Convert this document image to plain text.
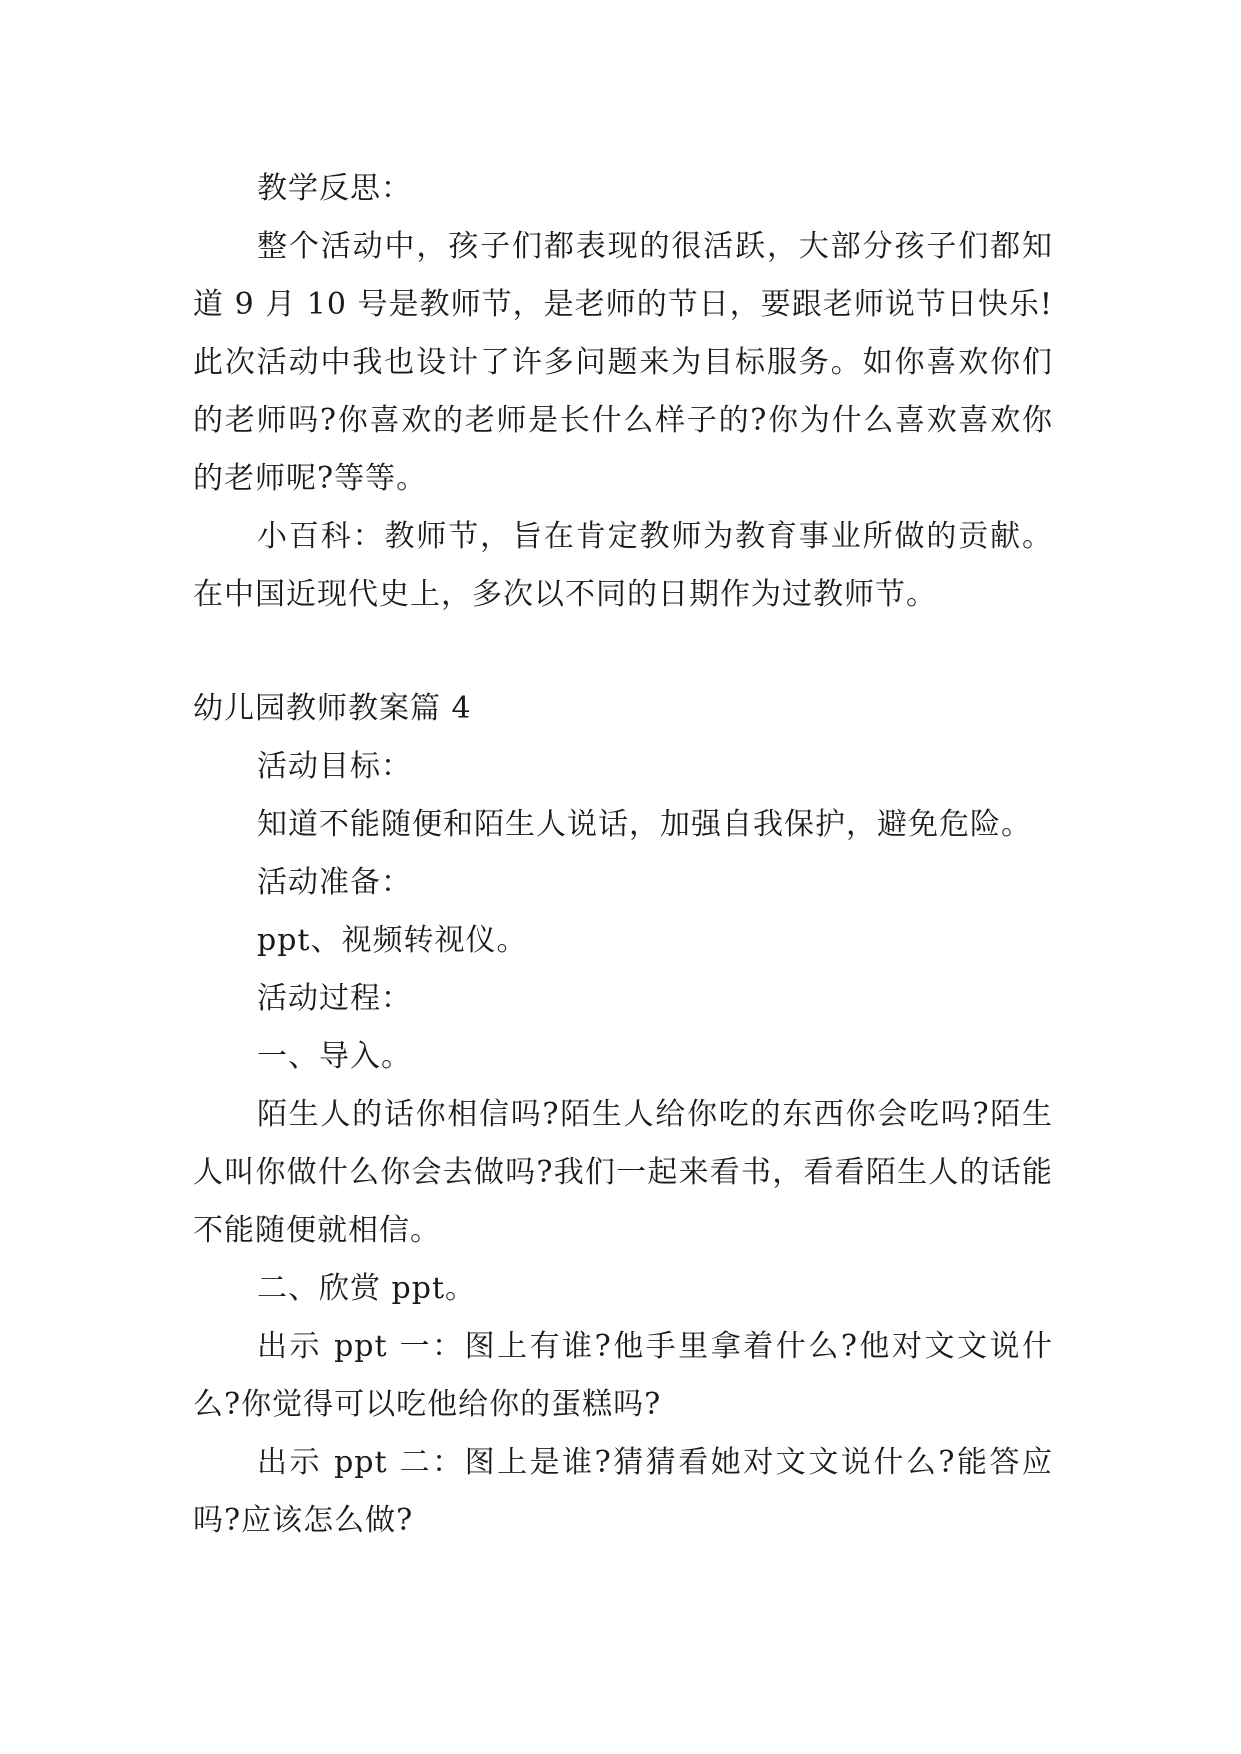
教学反思：

整个活动中，孩子们都表现的很活跃，大部分孩子们都知道 9 月 10 号是教师节，是老师的节日，要跟老师说节日快乐!此次活动中我也设计了许多问题来为目标服务。如你喜欢你们的老师吗?你喜欢的老师是长什么样子的?你为什么喜欢喜欢你的老师呢?等等。

小百科：教师节，旨在肯定教师为教育事业所做的贡献。在中国近现代史上，多次以不同的日期作为过教师节。

幼儿园教师教案篇 4

活动目标：

知道不能随便和陌生人说话，加强自我保护，避免危险。

活动准备：

ppt、视频转视仪。

活动过程：

一、导入。

陌生人的话你相信吗?陌生人给你吃的东西你会吃吗?陌生人叫你做什么你会去做吗?我们一起来看书，看看陌生人的话能不能随便就相信。

二、欣赏 ppt。

出示 ppt 一：图上有谁?他手里拿着什么?他对文文说什么?你觉得可以吃他给你的蛋糕吗?

出示 ppt 二：图上是谁?猜猜看她对文文说什么?能答应吗?应该怎么做?
